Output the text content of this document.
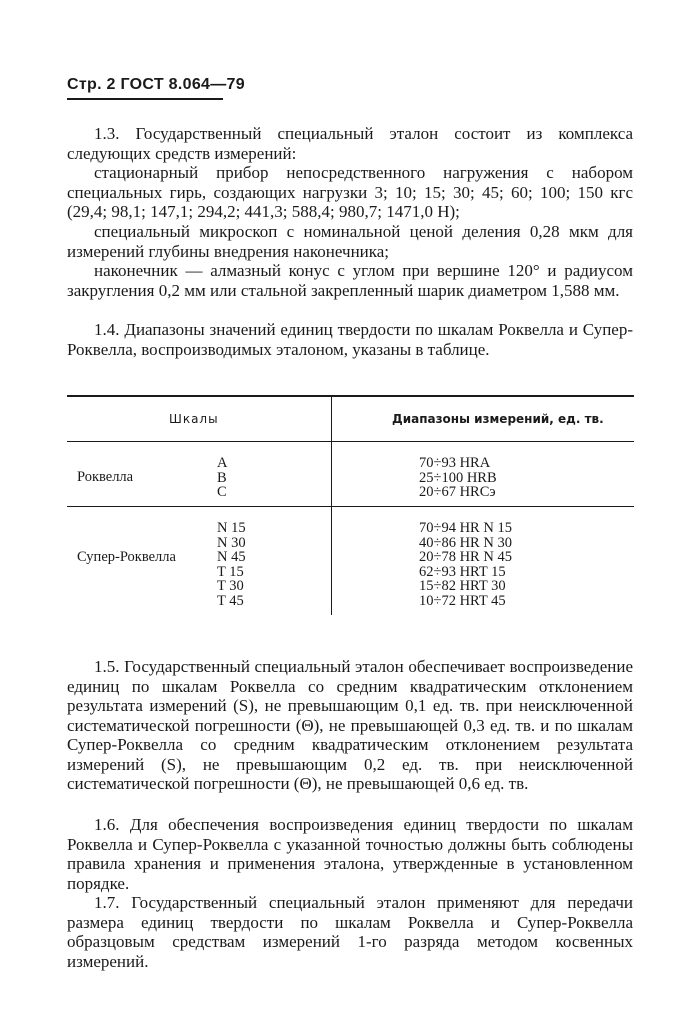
Стр. 2 ГОСТ 8.064—79
1.3. Государственный специальный эталон состоит из комплекса следующих средств измерений:
стационарный прибор непосредственного нагружения с набором специальных гирь, создающих нагрузки 3; 10; 15; 30; 45; 60; 100; 150 кгс (29,4; 98,1; 147,1; 294,2; 441,3; 588,4; 980,7; 1471,0 Н);
специальный микроскоп с номинальной ценой деления 0,28 мкм для измерений глубины внедрения наконечника;
наконечник — алмазный конус с углом при вершине 120° и радиусом закругления 0,2 мм или стальной закрепленный шарик диаметром 1,588 мм.
1.4. Диапазоны значений единиц твердости по шкалам Роквелла и Супер-Роквелла, воспроизводимых эталоном, указаны в таблице.
Шкалы	Диапазоны измерений, ед. тв.
Роквелла
A
B
C
70÷93 HRA
25÷100 HRB
20÷67 HRCэ
Супер-Роквелла
N 15
N 30
N 45
T 15
T 30
T 45
70÷94 HR N 15
40÷86 HR N 30
20÷78 HR N 45
62÷93 HRT 15
15÷82 HRT 30
10÷72 HRT 45
1.5. Государственный специальный эталон обеспечивает воспроизведение единиц по шкалам Роквелла со средним квадратическим отклонением результата измерений (S), не превышающим 0,1 ед. тв. при неисключенной систематической погрешности (Θ), не превышающей 0,3 ед. тв. и по шкалам Супер-Роквелла со средним квадратическим отклонением результата измерений (S), не превышающим 0,2 ед. тв. при неисключенной систематической погрешности (Θ), не превышающей 0,6 ед. тв.
1.6. Для обеспечения воспроизведения единиц твердости по шкалам Роквелла и Супер-Роквелла с указанной точностью должны быть соблюдены правила хранения и применения эталона, утвержденные в установленном порядке.
1.7. Государственный специальный эталон применяют для передачи размера единиц твердости по шкалам Роквелла и Супер-Роквелла образцовым средствам измерений 1-го разряда методом косвенных измерений.
